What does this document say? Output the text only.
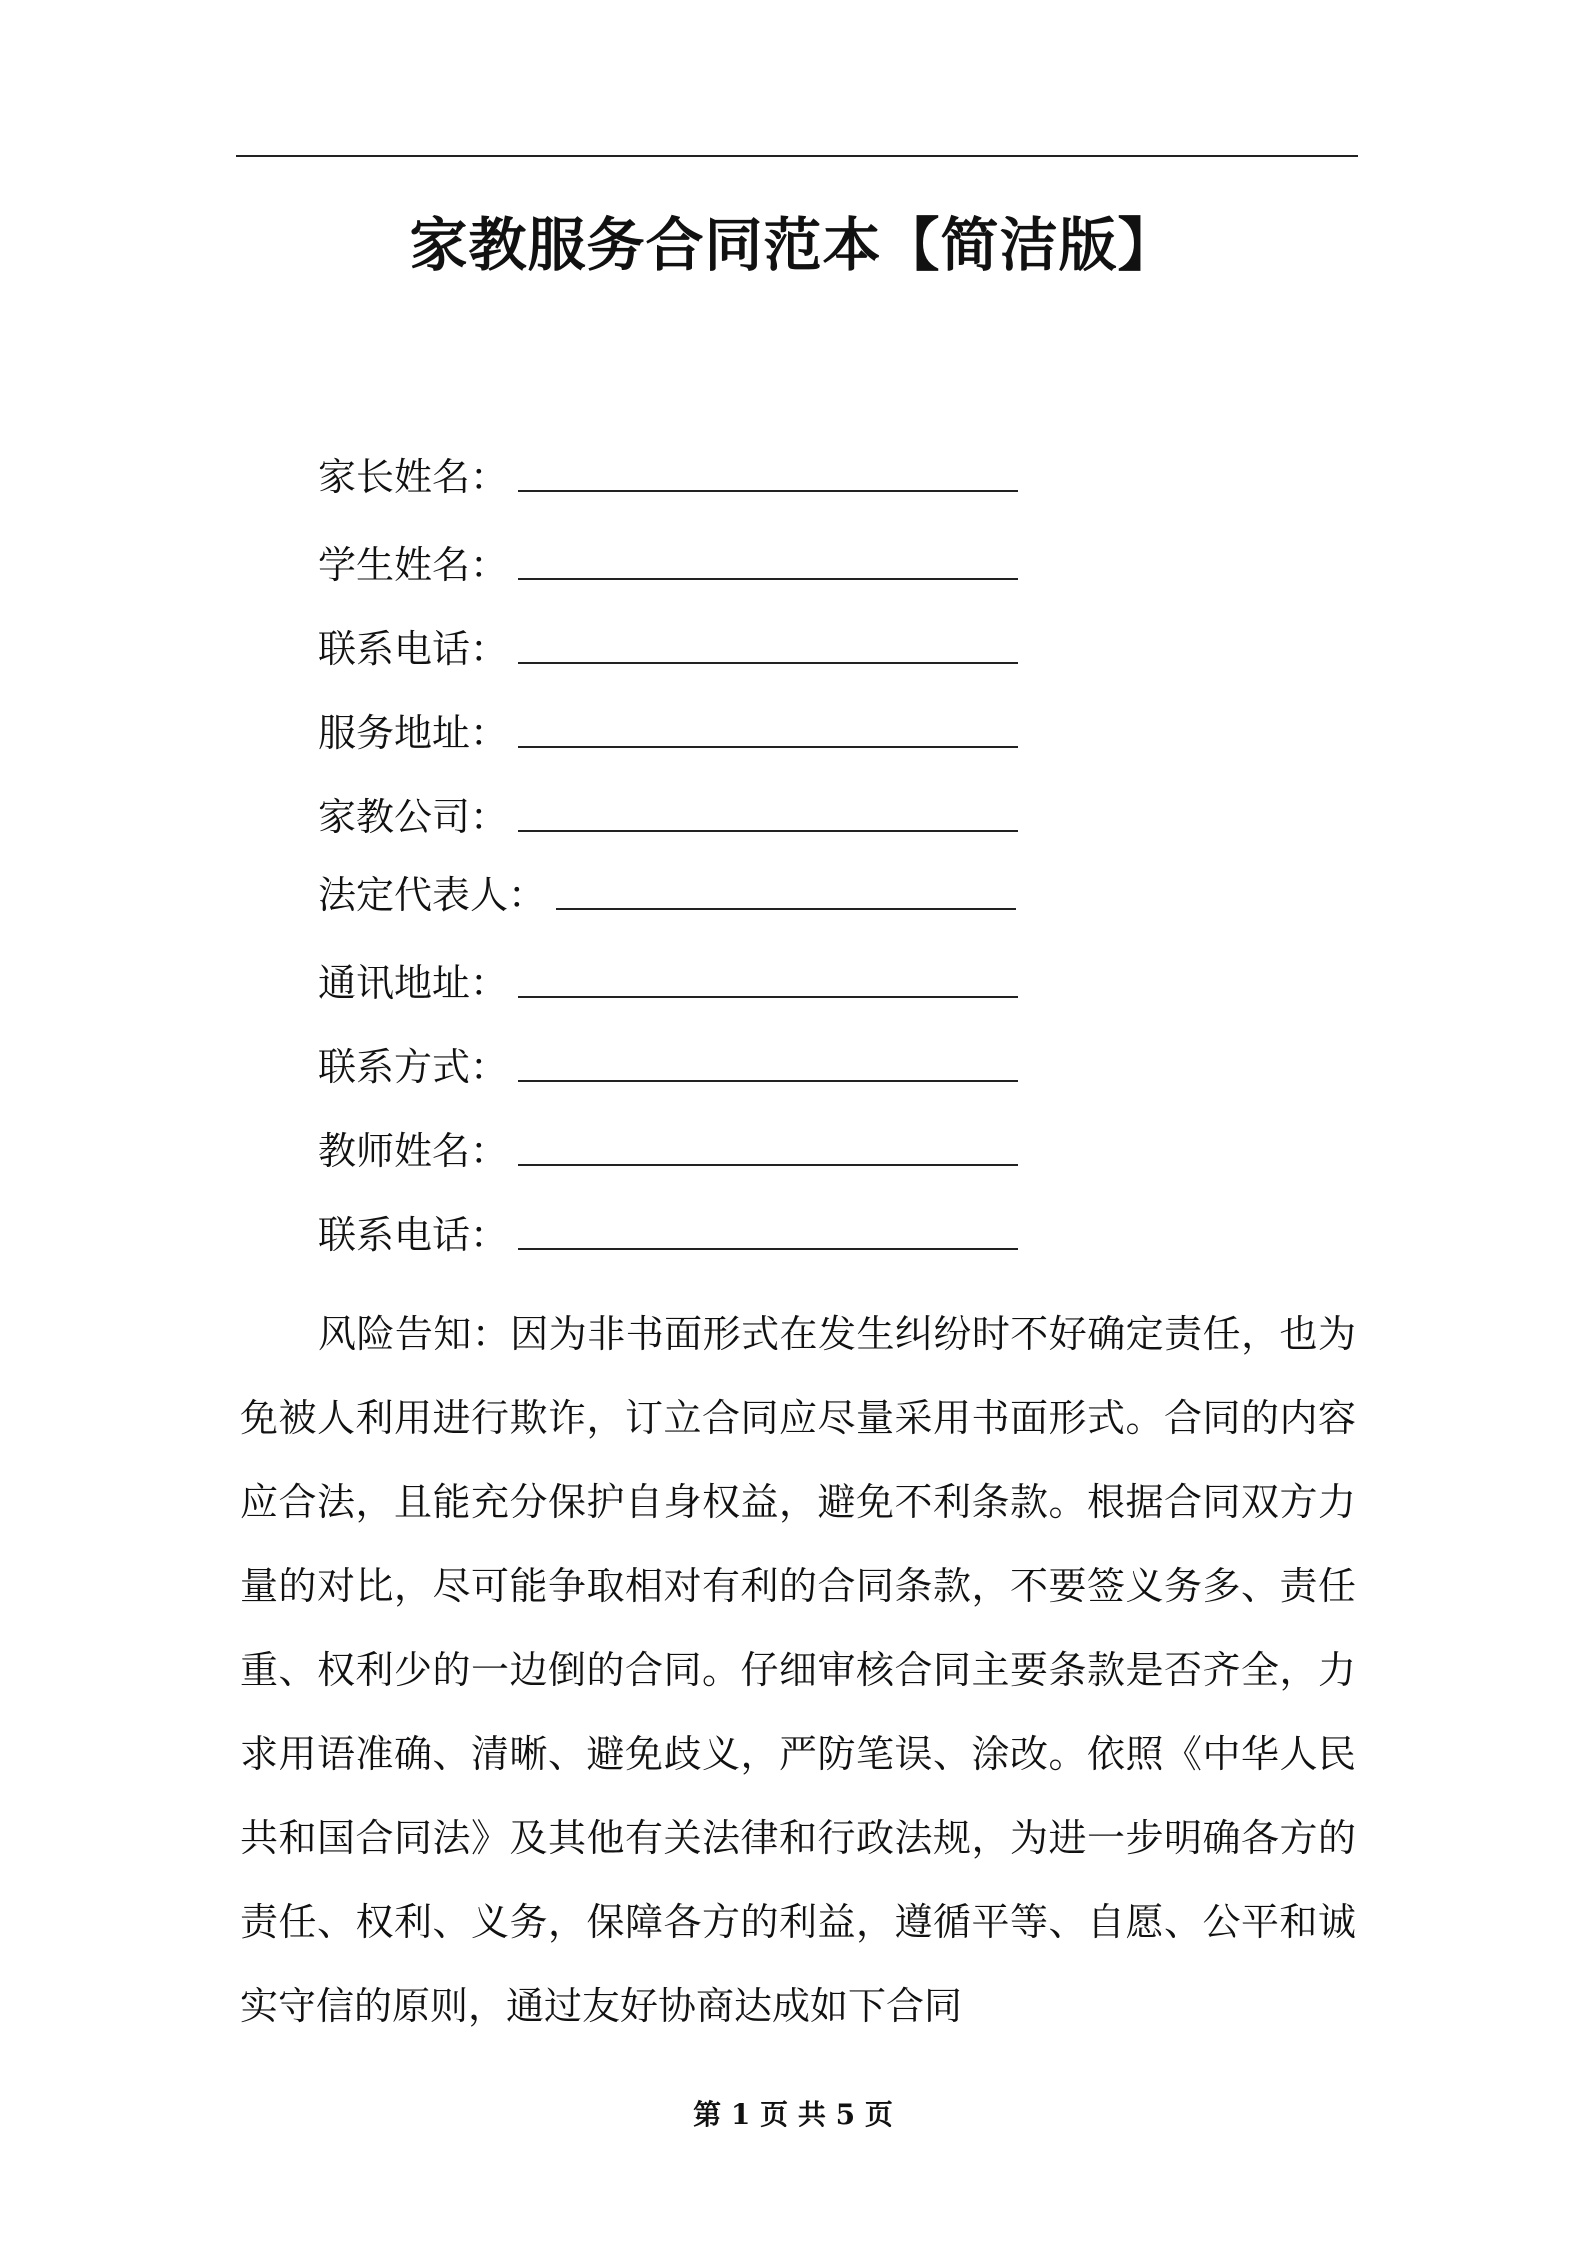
家教服务合同范本【简洁版】
家长姓名：
学生姓名：
联系电话：
服务地址：
家教公司：
法定代表人：
通讯地址：
联系方式：
教师姓名：
联系电话：
风险告知：因为非书面形式在发生纠纷时不好确定责任，也为免被人利用进行欺诈，订立合同应尽量采用书面形式。合同的内容应合法，且能充分保护自身权益，避免不利条款。根据合同双方力量的对比，尽可能争取相对有利的合同条款，不要签义务多、责任重、权利少的一边倒的合同。仔细审核合同主要条款是否齐全，力求用语准确、清晰、避免歧义，严防笔误、涂改。依照《中华人民共和国合同法》及其他有关法律和行政法规，为进一步明确各方的责任、权利、义务，保障各方的利益，遵循平等、自愿、公平和诚实守信的原则，通过友好协商达成如下合同
第 1 页 共 5 页
